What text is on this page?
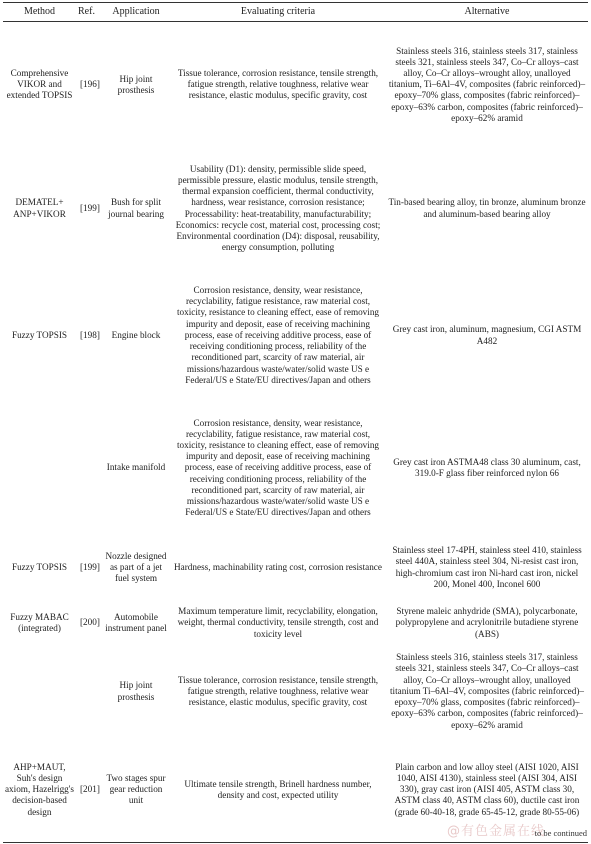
Method	Ref.	Application	Evaluating criteria	Alternative
Comprehensive VIKOR and extended TOPSIS	[196]	Hip joint prosthesis	Tissue tolerance, corrosion resistance, tensile strength, fatigue strength, relative toughness, relative wear resistance, elastic modulus, specific gravity, cost	Stainless steels 316, stainless steels 317, stainless steels 321, stainless steels 347, Co–Cr alloys–cast alloy, Co–Cr alloys–wrought alloy, unalloyed titanium, Ti–6Al–4V, composites (fabric reinforced)–epoxy–70% glass, composites (fabric reinforced)–epoxy–63% carbon, composites (fabric reinforced)–epoxy–62% aramid
DEMATEL+ ANP+VIKOR	[199]	Bush for split journal bearing	Usability (D1): density, permissible slide speed, permissible pressure, elastic modulus, tensile strength, thermal expansion coefficient, thermal conductivity, hardness, wear resistance, corrosion resistance; Processability: heat-treatability, manufacturability; Economics: recycle cost, material cost, processing cost; Environmental coordination (D4): disposal, reusability, energy consumption, polluting	Tin-based bearing alloy, tin bronze, aluminum bronze and aluminum-based bearing alloy
Fuzzy TOPSIS	[198]	Engine block	Corrosion resistance, density, wear resistance, recyclability, fatigue resistance, raw material cost, toxicity, resistance to cleaning effect, ease of removing impurity and deposit, ease of receiving machining process, ease of receiving additive process, ease of receiving conditioning process, reliability of the reconditioned part, scarcity of raw material, air missions/hazardous waste/water/solid waste US e Federal/US e State/EU directives/Japan and others	Grey cast iron, aluminum, magnesium, CGI ASTM A482
		Intake manifold	Corrosion resistance, density, wear resistance, recyclability, fatigue resistance, raw material cost, toxicity, resistance to cleaning effect, ease of removing impurity and deposit, ease of receiving machining process, ease of receiving additive process, ease of receiving conditioning process, reliability of the reconditioned part, scarcity of raw material, air missions/hazardous waste/water/solid waste US e Federal/US e State/EU directives/Japan and others	Grey cast iron ASTMA48 class 30 aluminum, cast, 319.0-F glass fiber reinforced nylon 66
Fuzzy TOPSIS	[199]	Nozzle designed as part of a jet fuel system	Hardness, machinability rating cost, corrosion resistance	Stainless steel 17-4PH, stainless steel 410, stainless steel 440A, stainless steel 304, Ni-resist cast iron, high-chromium cast iron Ni-hard cast iron, nickel 200, Monel 400, Inconel 600
Fuzzy MABAC (integrated)	[200]	Automobile instrument panel	Maximum temperature limit, recyclability, elongation, weight, thermal conductivity, tensile strength, cost and toxicity level	Styrene maleic anhydride (SMA), polycarbonate, polypropylene and acrylonitrile butadiene styrene (ABS)
		Hip joint prosthesis	Tissue tolerance, corrosion resistance, tensile strength, fatigue strength, relative toughness, relative wear resistance, elastic modulus, specific gravity, cost	Stainless steels 316, stainless steels 317, stainless steels 321, stainless steels 347, Co–Cr alloys–cast alloy, Co–Cr alloys–wrought alloy, unalloyed titanium Ti–6Al–4V, composites (fabric reinforced)–epoxy–70% glass, composites (fabric reinforced)–epoxy–63% carbon, composites (fabric reinforced)–epoxy–62% aramid
AHP+MAUT, Suh's design axiom, Hazelrigg's decision-based design	[201]	Two stages spur gear reduction unit	Ultimate tensile strength, Brinell hardness number, density and cost, expected utility	Plain carbon and low alloy steel (AISI 1020, AISI 1040, AISI 4130), stainless steel (AISI 304, AISI 330), gray cast iron (AISI 405, ASTM class 30, ASTM class 40, ASTM class 60), ductile cast iron (grade 60-40-18, grade 65-45-12, grade 80-55-06)
@有色金属在线
to be continued
